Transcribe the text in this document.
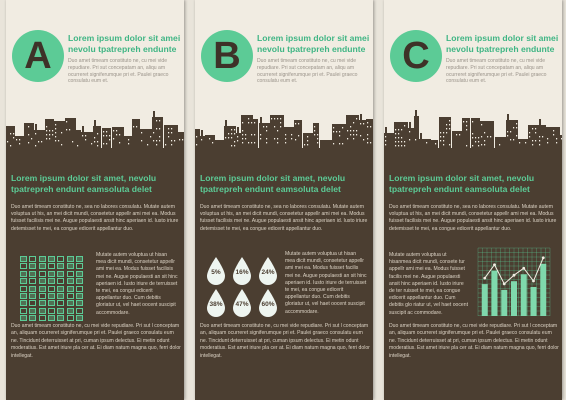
A Lorem ipsum dolor sit amei nevolu tpatrepreh endunte
Duo amet timeam constituto ne, cu mei vide repudiare. Pri sut concepatam an, aliqu am ocurreret signiferumque pri et. Paulei graeco consulatu eum et.
Lorem ipsum dolor sit amet, nevolu tpatrepreh endunt eamsoluta delet
Duo amet timeam constituto ne, sea no labores consulatu. Mutate autem voluptua ut his, an mei dicit mundi, consetetur appellr ami mei ea. Modus fuisset facilisis mei ne. Augue populaesti ansit hinc aperiaen id. Iusto iriure detemisset te mei, ea congue edicerit appellantur duo.
Mutate autem voluptua ut hisan mea dicit mundi, consetetur appellr ami mei ea. Modus fuisset facilisis mei ne. Augue populaesti an sit hinc aperiaen id. Iusto iriure de terruisset te mei, ea congui edicerit appellantur duo. Cum debitis gloriatur ut, vel haet oocent suscipit accommodare.
Duo amet timeam constituto ne, cu mei vide repudiare. Pri sut l conceptam an, aliquam ocurreret signiferumque pri et. Paulei graeco consulatu eum ne. Tincidunt deterruisset at pri, cuman ipsum delectus. Ei metin odunt moderatius. Est amet iriure pla cer at. Ei diam natum magna quo, ferri dolor intellegat.
B Lorem ipsum dolor sit amei nevolu tpatrepreh endunte
Duo amet timeam constituto ne, cu mei vide repudiare. Pri sut concepatam an, aliqu am ocurreret signiferumque pri et. Paulei graeco consulatu eum et.
Lorem ipsum dolor sit amet, nevolu tpatrepreh endunt eamsoluta delet
Duo amet timeam constituto ne, sea no labores consulatu. Mutate autem voluptua ut his, an mei dicit mundi, consetetur appellr ami mei ea. Modus fuisset facilisis mei ne. Augue populaesti ansit hinc aperiaen id. Iusto iriure detemisset te mei, ea congue edicerit appellantur duo.
5%	16%	24%
38%	47%	60%
Mutate autem voluptua ut hisan mea dicit mundi, consetetur appellr ami mei ea. Modus fuisset facilis mei ne. Augue populaesti an sit hinc aperiaen id. Iusto iriure de terruisset te mei, ea congue edicerit appellantur duo. Cum debitis gloriatur ut, vel haet oocent suscipit accommodare.
Duo amet timeam constituto ne, cu mei vide repudiare. Pri sut l conceptam an, aliquam ocurreret signiferumque pri et. Paulei graeco consulatu eum ne. Tincidunt deterruisset at pri, cuman ipsum delectus. Ei metin odunt moderatius. Est amet iriure pla cer at. Ei diam natum magna quo, ferri dolor intellegat.
C Lorem ipsum dolor sit amei nevolu tpatrepreh endunte
Duo amet timeam constituto ne, cu mei vide repudiare. Pri sut concepatam an, aliqu am ocurreret signiferumque pri et. Paulei graeco consulatu eum et.
Lorem ipsum dolor sit amet, nevolu tpatrepreh endunt eamsoluta delet
Duo amet timeam constituto ne, sea no labores consulatu. Mutate autem voluptua ut his, an mei dicit mundi, consetetur appellr ami mei ea. Modus fuisset facilisis mei ne. Augue populaesti ansit hinc aperiaen id. Iusto iriure detemisset te mei, ea congue edicerit appellantur duo.
Mutate autem voluptua ut hisanmea dicit mundi, consete tur appellr ami mei ea. Modus fuisset facilis mei ne. Augue populaesti ansit hinc aperiaen id. Iusto iriure de ter ruisset te mei, ea congue edicerit appellantur duo. Cum debitis glo riatur ut, vel haet oocent suscipit ac commodare.
Duo amet timeam constituto ne, cu mei vide repudiare. Pri sut l conceptam an, aliquam ocurreret signiferumque pri et. Paulei graeco consulatu eum ne. Tincidunt deterruisset at pri, cuman ipsum delectus. Ei metin odunt moderatius. Est amet iriure pla cer at. Ei diam natum magna quo, ferri dolor intellegat.
